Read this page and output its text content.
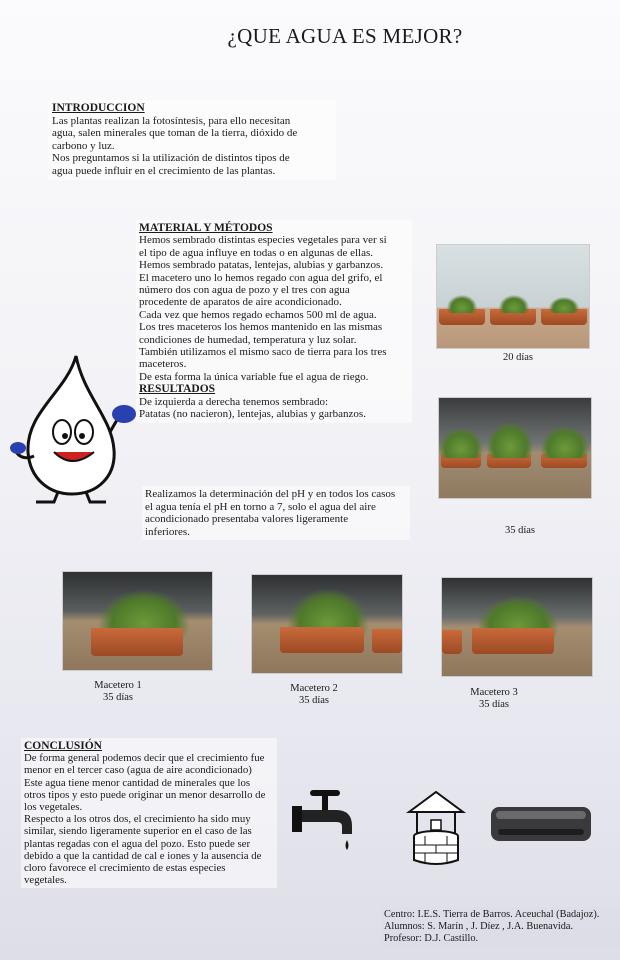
¿QUE AGUA ES MEJOR?

INTRODUCCION

Las plantas realizan la fotosíntesis, para ello necesitan

agua, salen minerales que toman de la tierra, dióxido de

carbono y luz.

Nos preguntamos si la utilización de distintos tipos de

agua puede influir en el crecimiento de las plantas.

MATERIAL Y MÉTODOS

Hemos sembrado distintas especies vegetales para ver si

el tipo de agua influye en todas o en algunas de ellas.

Hemos sembrado patatas, lentejas, alubias y garbanzos.

El macetero uno lo hemos regado con agua del grifo, el

número dos con agua de pozo y el tres con agua

procedente de aparatos de aire acondicionado.

Cada vez que hemos regado echamos 500 ml de agua.

Los tres maceteros los hemos mantenido en las mismas

condiciones de humedad, temperatura y luz solar.

También utilizamos el mismo saco de tierra para los tres

maceteros.

De esta forma la única variable fue el agua de riego.

RESULTADOS

De izquierda a derecha tenemos sembrado:

Patatas (no nacieron), lentejas, alubias y garbanzos.

Realizamos la determinación del pH y en todos los casos

el agua tenía el pH en torno a 7, solo el agua del aire

acondicionado presentaba valores ligeramente

inferiores.

20 días
35 días
Macetero 1
35 días
Macetero 2
35 días
Macetero 3
35 días

CONCLUSIÓN

De forma general podemos decir que el crecimiento fue

menor en el tercer caso (agua de aire acondicionado)

Este agua tiene menor cantidad de minerales que los

otros tipos y esto puede originar un menor desarrollo de

los vegetales.

Respecto a los otros dos, el crecimiento ha sido muy

similar, siendo ligeramente superior en el caso de las

plantas regadas con el agua del pozo. Esto puede ser

debido a que la cantidad de cal e iones y la ausencia de

cloro favorece el crecimiento de estas especies

vegetales.

Centro: I.E.S. Tierra de Barros. Aceuchal (Badajoz).

Alumnos: S. Marín , J. Díez , J.A. Buenavida.

Profesor: D.J. Castillo.
